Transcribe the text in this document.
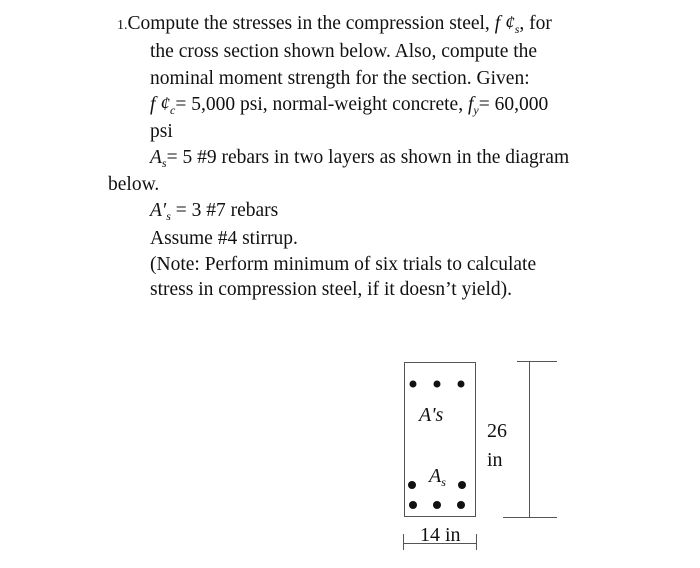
1.Compute the stresses in the compression steel, f $¢_s$, for
the cross section shown below. Also, compute the
nominal moment strength for the section. Given:
f $¢_c= 5,000$ psi, normal-weight concrete, $f_y= 60,000$
psi
$A_s= 5$ #9 rebars in two layers as shown in the diagram
below.
$A'_s = 3$ #7 rebars
Assume #4 stirrup.
(Note: Perform minimum of six trials to calculate
stress in compression steel, if it doesn’t yield).
A's
$A_s$
26
in
14 in
